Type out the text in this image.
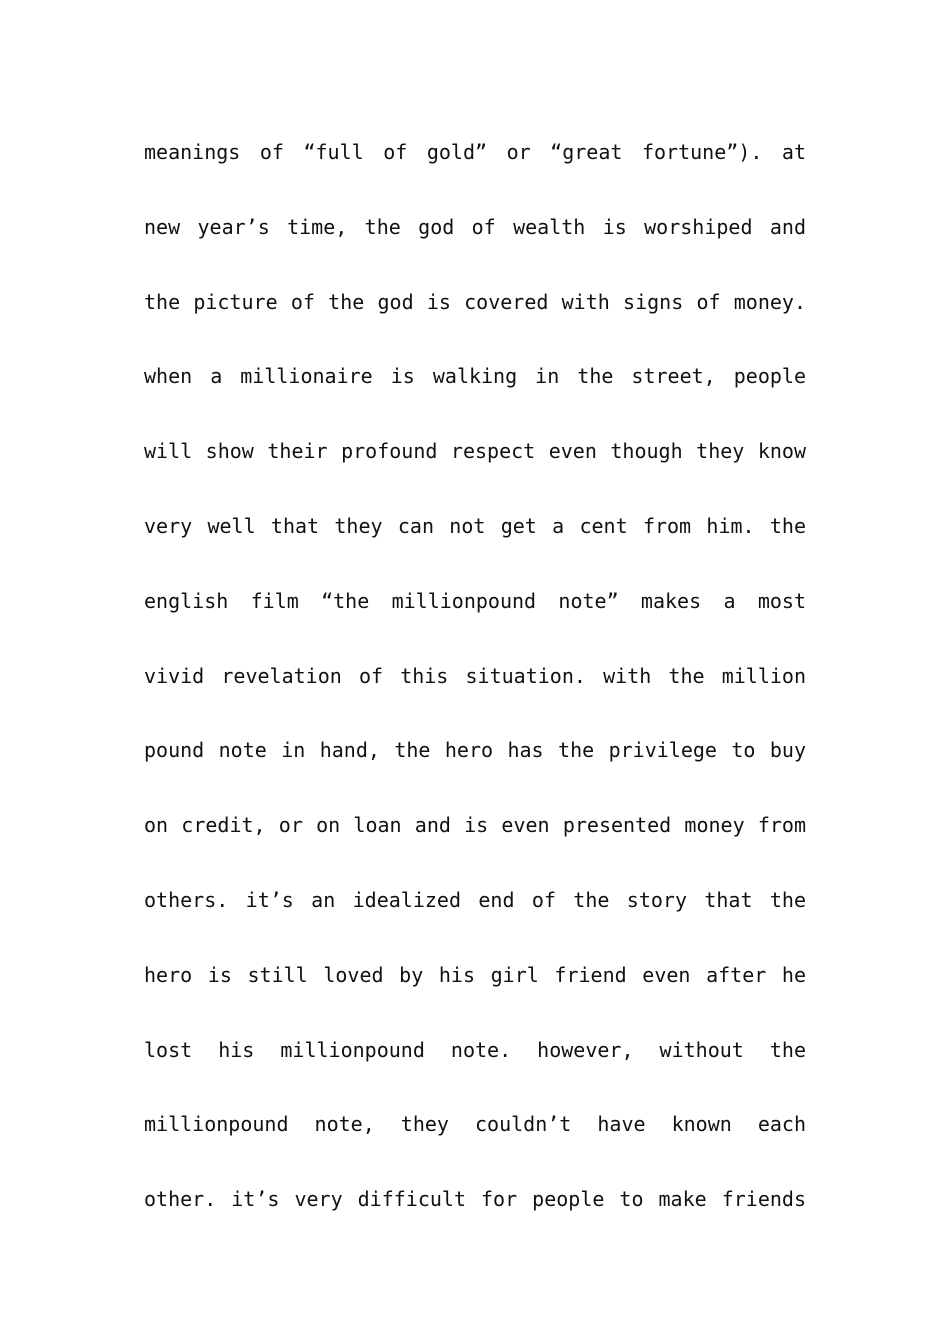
meanings of “full of gold” or “great fortune”). at
new year’s time, the god of wealth is worshiped and
the picture of the god is covered with signs of money.
when a millionaire is walking in the street, people
will show their profound respect even though they know
very well that they can not get a cent from him. the
english film “the millionpound note” makes a most
vivid revelation of this situation. with the million
pound note in hand, the hero has the privilege to buy
on credit, or on loan and is even presented money from
others. it’s an idealized end of the story that the
hero is still loved by his girl friend even after he
lost his millionpound note. however, without the
millionpound note, they couldn’t have known each
other. it’s very difficult for people to make friends
